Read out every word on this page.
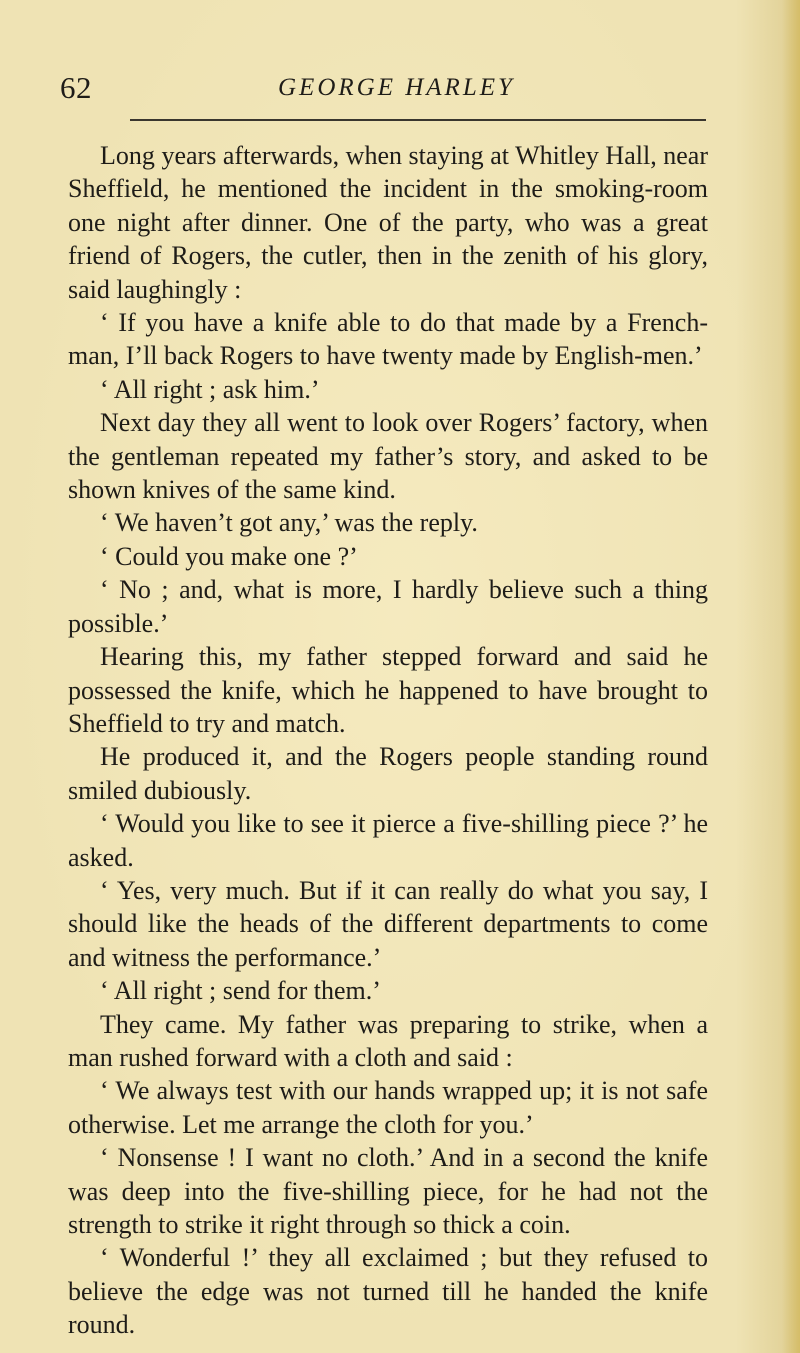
62	GEORGE HARLEY

Long years afterwards, when staying at Whitley Hall, near Sheffield, he mentioned the incident in the smoking-room one night after dinner. One of the party, who was a great friend of Rogers, the cutler, then in the zenith of his glory, said laughingly :

‘ If you have a knife able to do that made by a French-man, I’ll back Rogers to have twenty made by English-men.’

‘ All right ; ask him.’

Next day they all went to look over Rogers’ factory, when the gentleman repeated my father’s story, and asked to be shown knives of the same kind.

‘ We haven’t got any,’ was the reply.

‘ Could you make one ?’

‘ No ; and, what is more, I hardly believe such a thing possible.’

Hearing this, my father stepped forward and said he possessed the knife, which he happened to have brought to Sheffield to try and match.

He produced it, and the Rogers people standing round smiled dubiously.

‘ Would you like to see it pierce a five-shilling piece ?’ he asked.

‘ Yes, very much. But if it can really do what you say, I should like the heads of the different departments to come and witness the performance.’

‘ All right ; send for them.’

They came. My father was preparing to strike, when a man rushed forward with a cloth and said :

‘ We always test with our hands wrapped up; it is not safe otherwise. Let me arrange the cloth for you.’

‘ Nonsense ! I want no cloth.’ And in a second the knife was deep into the five-shilling piece, for he had not the strength to strike it right through so thick a coin.

‘ Wonderful !’ they all exclaimed ; but they refused to believe the edge was not turned till he handed the knife round.
